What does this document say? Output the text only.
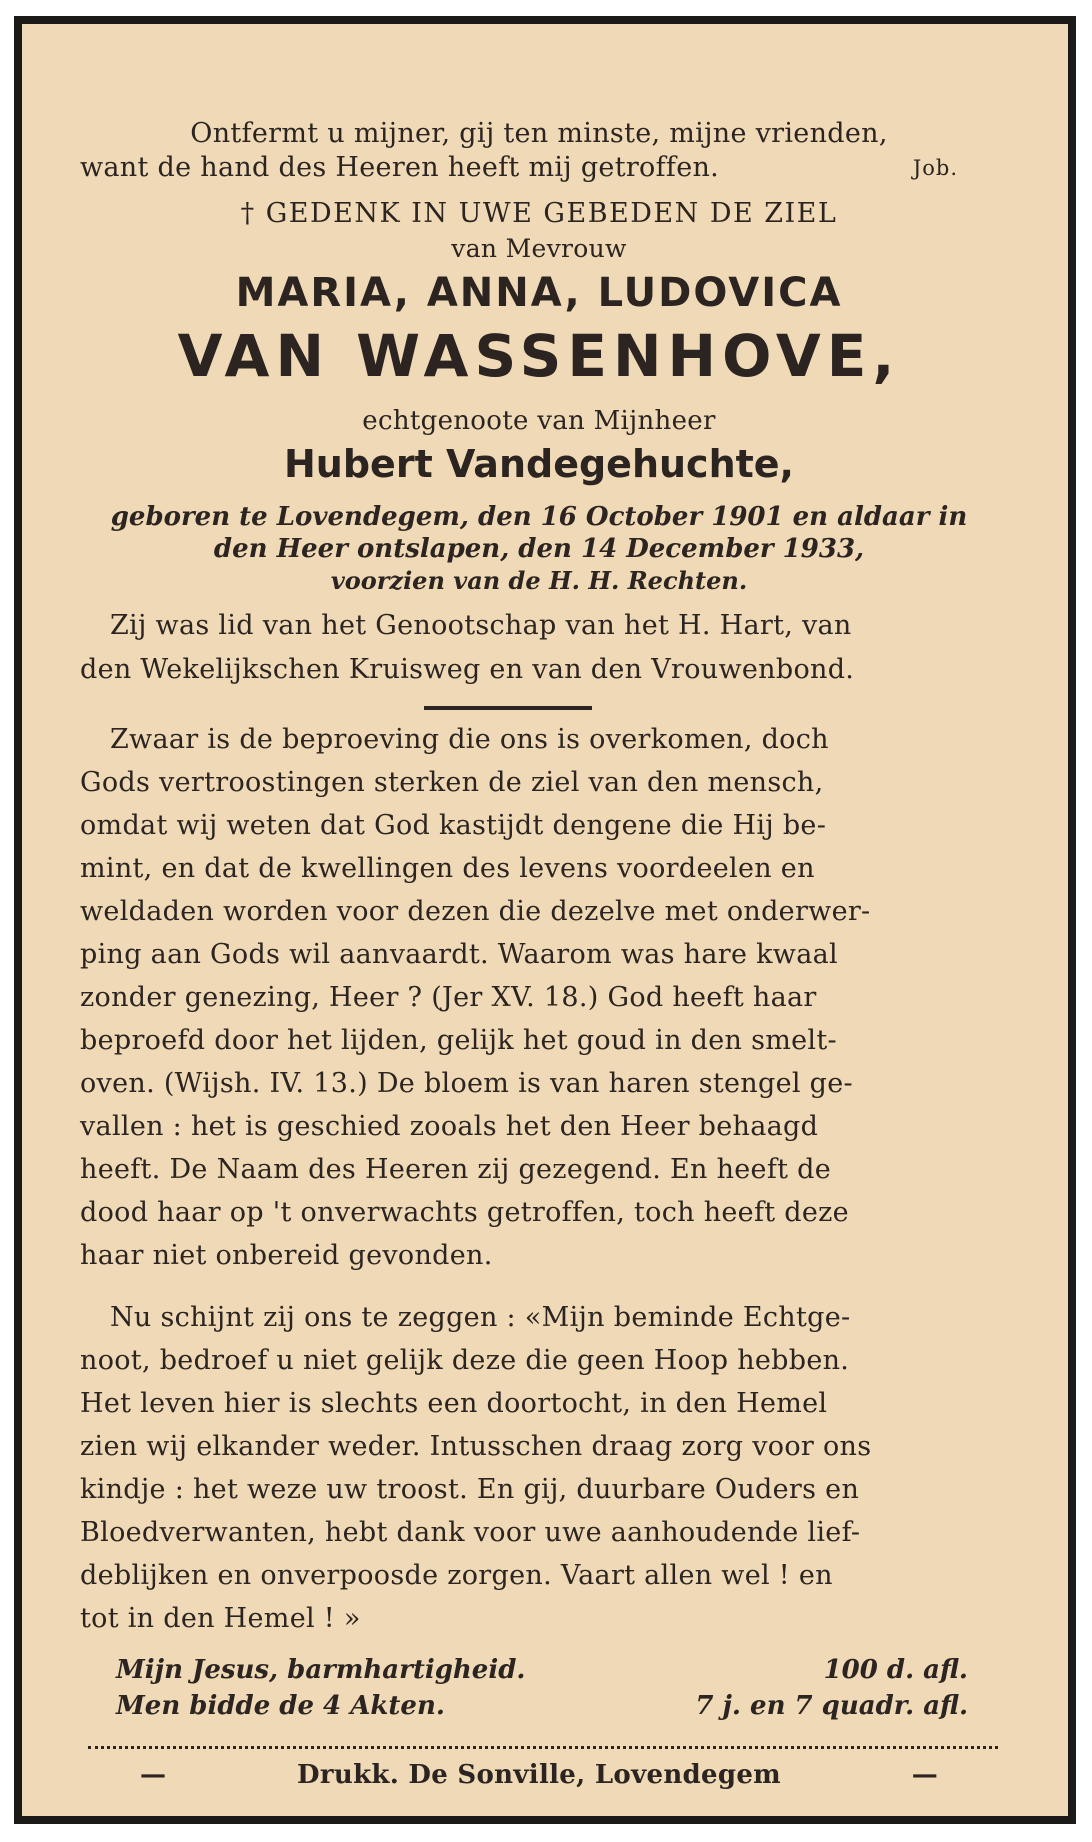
Ontfermt u mijner, gij ten minste, mijne vrienden,
want de hand des Heeren heeft mij getroffen.	Job.
† GEDENK IN UWE GEBEDEN DE ZIEL
van Mevrouw
MARIA, ANNA, LUDOVICA
VAN WASSENHOVE,
echtgenoote van Mijnheer
Hubert Vandegehuchte,
geboren te Lovendegem, den 16 October 1901 en aldaar in
den Heer ontslapen, den 14 December 1933,
voorzien van de H. H. Rechten.
Zij was lid van het Genootschap van het H. Hart, van
den Wekelijkschen Kruisweg en van den Vrouwenbond.
Zwaar is de beproeving die ons is overkomen, doch
Gods vertroostingen sterken de ziel van den mensch,
omdat wij weten dat God kastijdt dengene die Hij be-
mint, en dat de kwellingen des levens voordeelen en
weldaden worden voor dezen die dezelve met onderwer-
ping aan Gods wil aanvaardt. Waarom was hare kwaal
zonder genezing, Heer ? (Jer XV. 18.) God heeft haar
beproefd door het lijden, gelijk het goud in den smelt-
oven. (Wijsh. IV. 13.) De bloem is van haren stengel ge-
vallen : het is geschied zooals het den Heer behaagd
heeft. De Naam des Heeren zij gezegend. En heeft de
dood haar op 't onverwachts getroffen, toch heeft deze
haar niet onbereid gevonden.
Nu schijnt zij ons te zeggen : «Mijn beminde Echtge-
noot, bedroef u niet gelijk deze die geen Hoop hebben.
Het leven hier is slechts een doortocht, in den Hemel
zien wij elkander weder. Intusschen draag zorg voor ons
kindje : het weze uw troost. En gij, duurbare Ouders en
Bloedverwanten, hebt dank voor uwe aanhoudende lief-
deblijken en onverpoosde zorgen. Vaart allen wel ! en
tot in den Hemel ! »
Mijn Jesus, barmhartigheid.	100 d. afl.
Men bidde de 4 Akten.	7 j. en 7 quadr. afl.
—	Drukk. De Sonville, Lovendegem	—
